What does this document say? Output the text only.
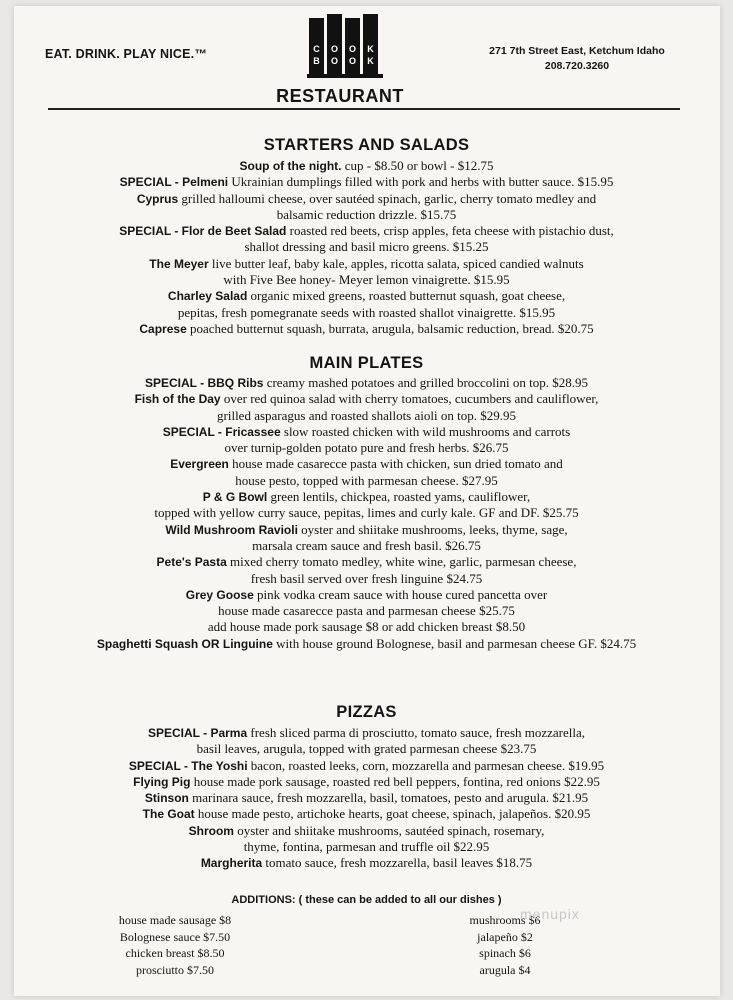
EAT. DRINK. PLAY NICE.™	C O O K
B O O K
RESTAURANT
271 7th Street East, Ketchum Idaho
208.720.3260
STARTERS AND SALADS
Soup of the night. cup - $8.50 or bowl - $12.75
SPECIAL - Pelmeni Ukrainian dumplings filled with pork and herbs with butter sauce. $15.95
Cyprus grilled halloumi cheese, over sautéed spinach, garlic, cherry tomato medley and
balsamic reduction drizzle. $15.75
SPECIAL - Flor de Beet Salad roasted red beets, crisp apples, feta cheese with pistachio dust,
shallot dressing and basil micro greens. $15.25
The Meyer live butter leaf, baby kale, apples, ricotta salata, spiced candied walnuts
with Five Bee honey- Meyer lemon vinaigrette. $15.95
Charley Salad organic mixed greens, roasted butternut squash, goat cheese,
pepitas, fresh pomegranate seeds with roasted shallot vinaigrette. $15.95
Caprese poached butternut squash, burrata, arugula, balsamic reduction, bread. $20.75
MAIN PLATES
SPECIAL - BBQ Ribs creamy mashed potatoes and grilled broccolini on top. $28.95
Fish of the Day over red quinoa salad with cherry tomatoes, cucumbers and cauliflower,
grilled asparagus and roasted shallots aioli on top. $29.95
SPECIAL - Fricassee slow roasted chicken with wild mushrooms and carrots
over turnip-golden potato pure and fresh herbs. $26.75
Evergreen house made casarecce pasta with chicken, sun dried tomato and
house pesto, topped with parmesan cheese. $27.95
P & G Bowl green lentils, chickpea, roasted yams, cauliflower,
topped with yellow curry sauce, pepitas, limes and curly kale. GF and DF. $25.75
Wild Mushroom Ravioli oyster and shiitake mushrooms, leeks, thyme, sage,
marsala cream sauce and fresh basil. $26.75
Pete's Pasta mixed cherry tomato medley, white wine, garlic, parmesan cheese,
fresh basil served over fresh linguine $24.75
Grey Goose pink vodka cream sauce with house cured pancetta over
house made casarecce pasta and parmesan cheese $25.75
add house made pork sausage $8 or add chicken breast $8.50
Spaghetti Squash OR Linguine with house ground Bolognese, basil and parmesan cheese GF. $24.75
PIZZAS
SPECIAL - Parma fresh sliced parma di prosciutto, tomato sauce, fresh mozzarella,
basil leaves, arugula, topped with grated parmesan cheese $23.75
SPECIAL - The Yoshi bacon, roasted leeks, corn, mozzarella and parmesan cheese. $19.95
Flying Pig house made pork sausage, roasted red bell peppers, fontina, red onions $22.95
Stinson marinara sauce, fresh mozzarella, basil, tomatoes, pesto and arugula. $21.95
The Goat house made pesto, artichoke hearts, goat cheese, spinach, jalapeños. $20.95
Shroom oyster and shiitake mushrooms, sautéed spinach, rosemary,
thyme, fontina, parmesan and truffle oil $22.95
Margherita tomato sauce, fresh mozzarella, basil leaves $18.75
ADDITIONS: ( these can be added to all our dishes )
house made sausage $8
Bolognese sauce $7.50
chicken breast $8.50
prosciutto $7.50
mushrooms $6
jalapeño $2
spinach $6
arugula $4
menupix
